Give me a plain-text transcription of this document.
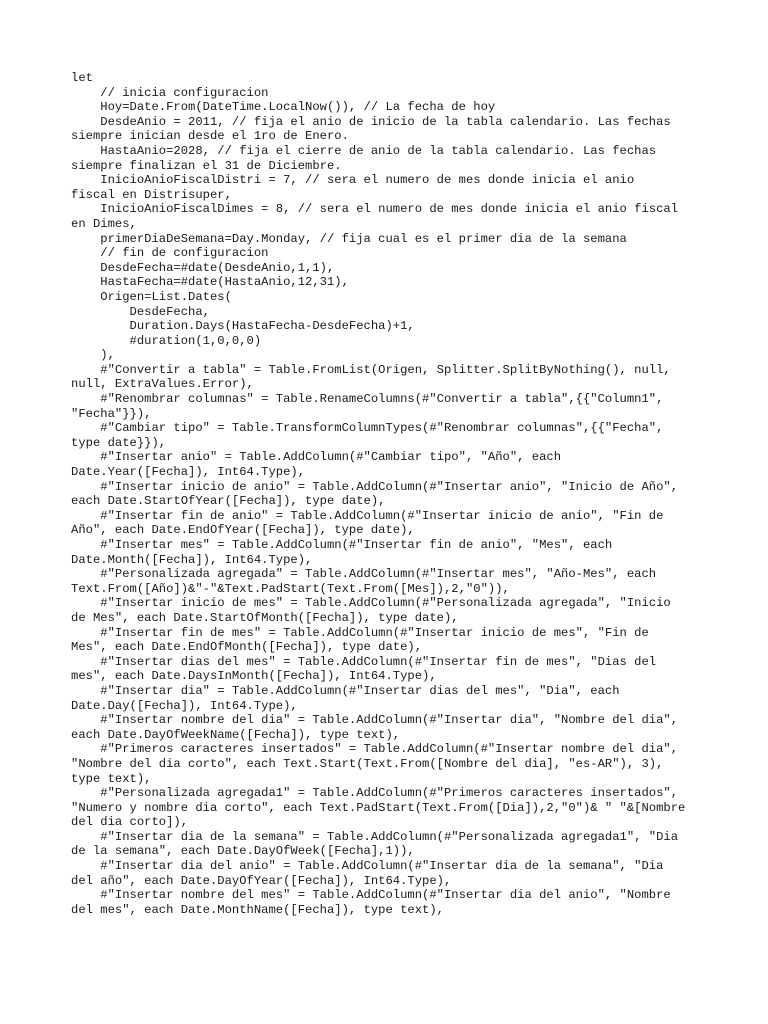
let
// inicia configuracion
Hoy=Date.From(DateTime.LocalNow()), // La fecha de hoy
DesdeAnio = 2011, // fija el anio de inicio de la tabla calendario. Las fechas
siempre inician desde el 1ro de Enero.
HastaAnio=2028, // fija el cierre de anio de la tabla calendario. Las fechas
siempre finalizan el 31 de Diciembre.
InicioAnioFiscalDistri = 7, // sera el numero de mes donde inicia el anio
fiscal en Distrisuper,
InicioAnioFiscalDimes = 8, // sera el numero de mes donde inicia el anio fiscal
en Dimes,
primerDiaDeSemana=Day.Monday, // fija cual es el primer dia de la semana
// fin de configuracion
DesdeFecha=#date(DesdeAnio,1,1),
HastaFecha=#date(HastaAnio,12,31),
Origen=List.Dates(
DesdeFecha,
Duration.Days(HastaFecha-DesdeFecha)+1,
#duration(1,0,0,0)
),
#"Convertir a tabla" = Table.FromList(Origen, Splitter.SplitByNothing(), null,
null, ExtraValues.Error),
#"Renombrar columnas" = Table.RenameColumns(#"Convertir a tabla",{{"Column1",
"Fecha"}}),
#"Cambiar tipo" = Table.TransformColumnTypes(#"Renombrar columnas",{{"Fecha",
type date}}),
#"Insertar anio" = Table.AddColumn(#"Cambiar tipo", "Año", each
Date.Year([Fecha]), Int64.Type),
#"Insertar inicio de anio" = Table.AddColumn(#"Insertar anio", "Inicio de Año",
each Date.StartOfYear([Fecha]), type date),
#"Insertar fin de anio" = Table.AddColumn(#"Insertar inicio de anio", "Fin de
Año", each Date.EndOfYear([Fecha]), type date),
#"Insertar mes" = Table.AddColumn(#"Insertar fin de anio", "Mes", each
Date.Month([Fecha]), Int64.Type),
#"Personalizada agregada" = Table.AddColumn(#"Insertar mes", "Año-Mes", each
Text.From([Año])&"-"&Text.PadStart(Text.From([Mes]),2,"0")),
#"Insertar inicio de mes" = Table.AddColumn(#"Personalizada agregada", "Inicio
de Mes", each Date.StartOfMonth([Fecha]), type date),
#"Insertar fin de mes" = Table.AddColumn(#"Insertar inicio de mes", "Fin de
Mes", each Date.EndOfMonth([Fecha]), type date),
#"Insertar dias del mes" = Table.AddColumn(#"Insertar fin de mes", "Dias del
mes", each Date.DaysInMonth([Fecha]), Int64.Type),
#"Insertar dia" = Table.AddColumn(#"Insertar dias del mes", "Dia", each
Date.Day([Fecha]), Int64.Type),
#"Insertar nombre del dia" = Table.AddColumn(#"Insertar dia", "Nombre del dia",
each Date.DayOfWeekName([Fecha]), type text),
#"Primeros caracteres insertados" = Table.AddColumn(#"Insertar nombre del dia",
"Nombre del dia corto", each Text.Start(Text.From([Nombre del dia], "es-AR"), 3),
type text),
#"Personalizada agregada1" = Table.AddColumn(#"Primeros caracteres insertados",
"Numero y nombre dia corto", each Text.PadStart(Text.From([Dia]),2,"0")& " "&[Nombre
del dia corto]),
#"Insertar dia de la semana" = Table.AddColumn(#"Personalizada agregada1", "Dia
de la semana", each Date.DayOfWeek([Fecha],1)),
#"Insertar dia del anio" = Table.AddColumn(#"Insertar dia de la semana", "Dia
del año", each Date.DayOfYear([Fecha]), Int64.Type),
#"Insertar nombre del mes" = Table.AddColumn(#"Insertar dia del anio", "Nombre
del mes", each Date.MonthName([Fecha]), type text),
